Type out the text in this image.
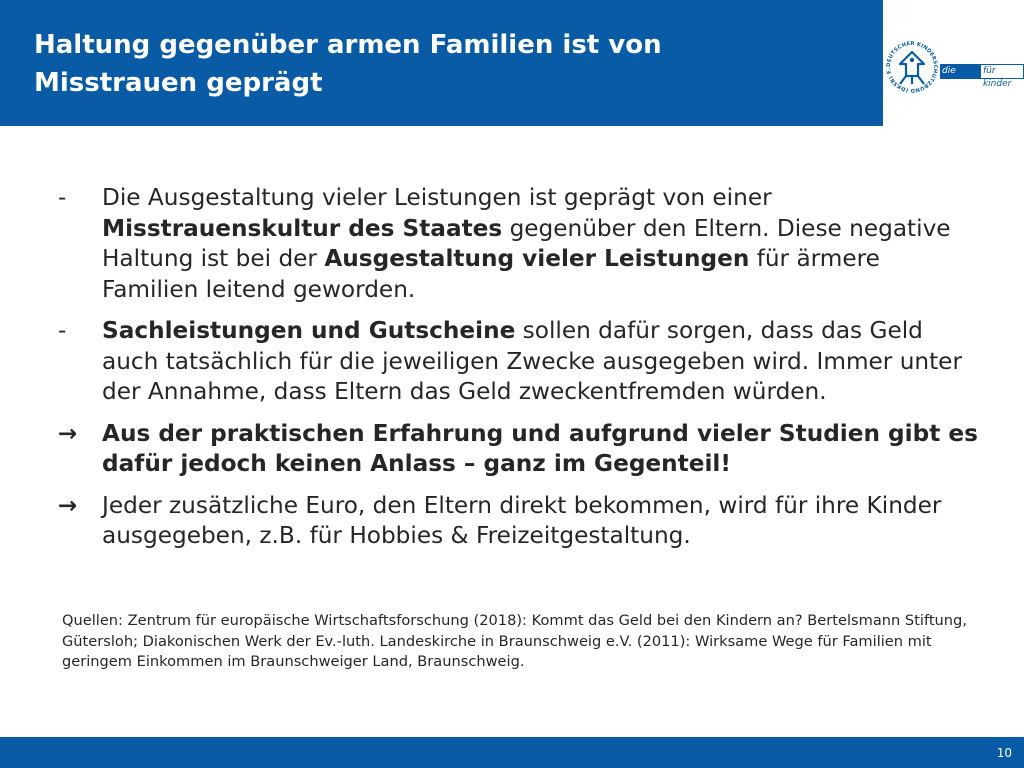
Haltung gegenüber armen Familien ist von
Misstrauen geprägt
DEUTSCHER KINDERSCHUTZBUND (DKSB) E.	die lobby
für kinder
-	Die Ausgestaltung vieler Leistungen ist geprägt von einer Misstrauenskultur des Staates gegenüber den Eltern. Diese negative Haltung ist bei der Ausgestaltung vieler Leistungen für ärmere Familien leitend geworden.
-	Sachleistungen und Gutscheine sollen dafür sorgen, dass das Geld auch tatsächlich für die jeweiligen Zwecke ausgegeben wird. Immer unter der Annahme, dass Eltern das Geld zweckentfremden würden.
→	Aus der praktischen Erfahrung und aufgrund vieler Studien gibt es dafür jedoch keinen Anlass – ganz im Gegenteil!
→	Jeder zusätzliche Euro, den Eltern direkt bekommen, wird für ihre Kinder ausgegeben, z.B. für Hobbies & Freizeitgestaltung.
Quellen: Zentrum für europäische Wirtschaftsforschung (2018): Kommt das Geld bei den Kindern an? Bertelsmann Stiftung, Gütersloh; Diakonischen Werk der Ev.-luth. Landeskirche in Braunschweig e.V. (2011): Wirksame Wege für Familien mit geringem Einkommen im Braunschweiger Land, Braunschweig.
10
